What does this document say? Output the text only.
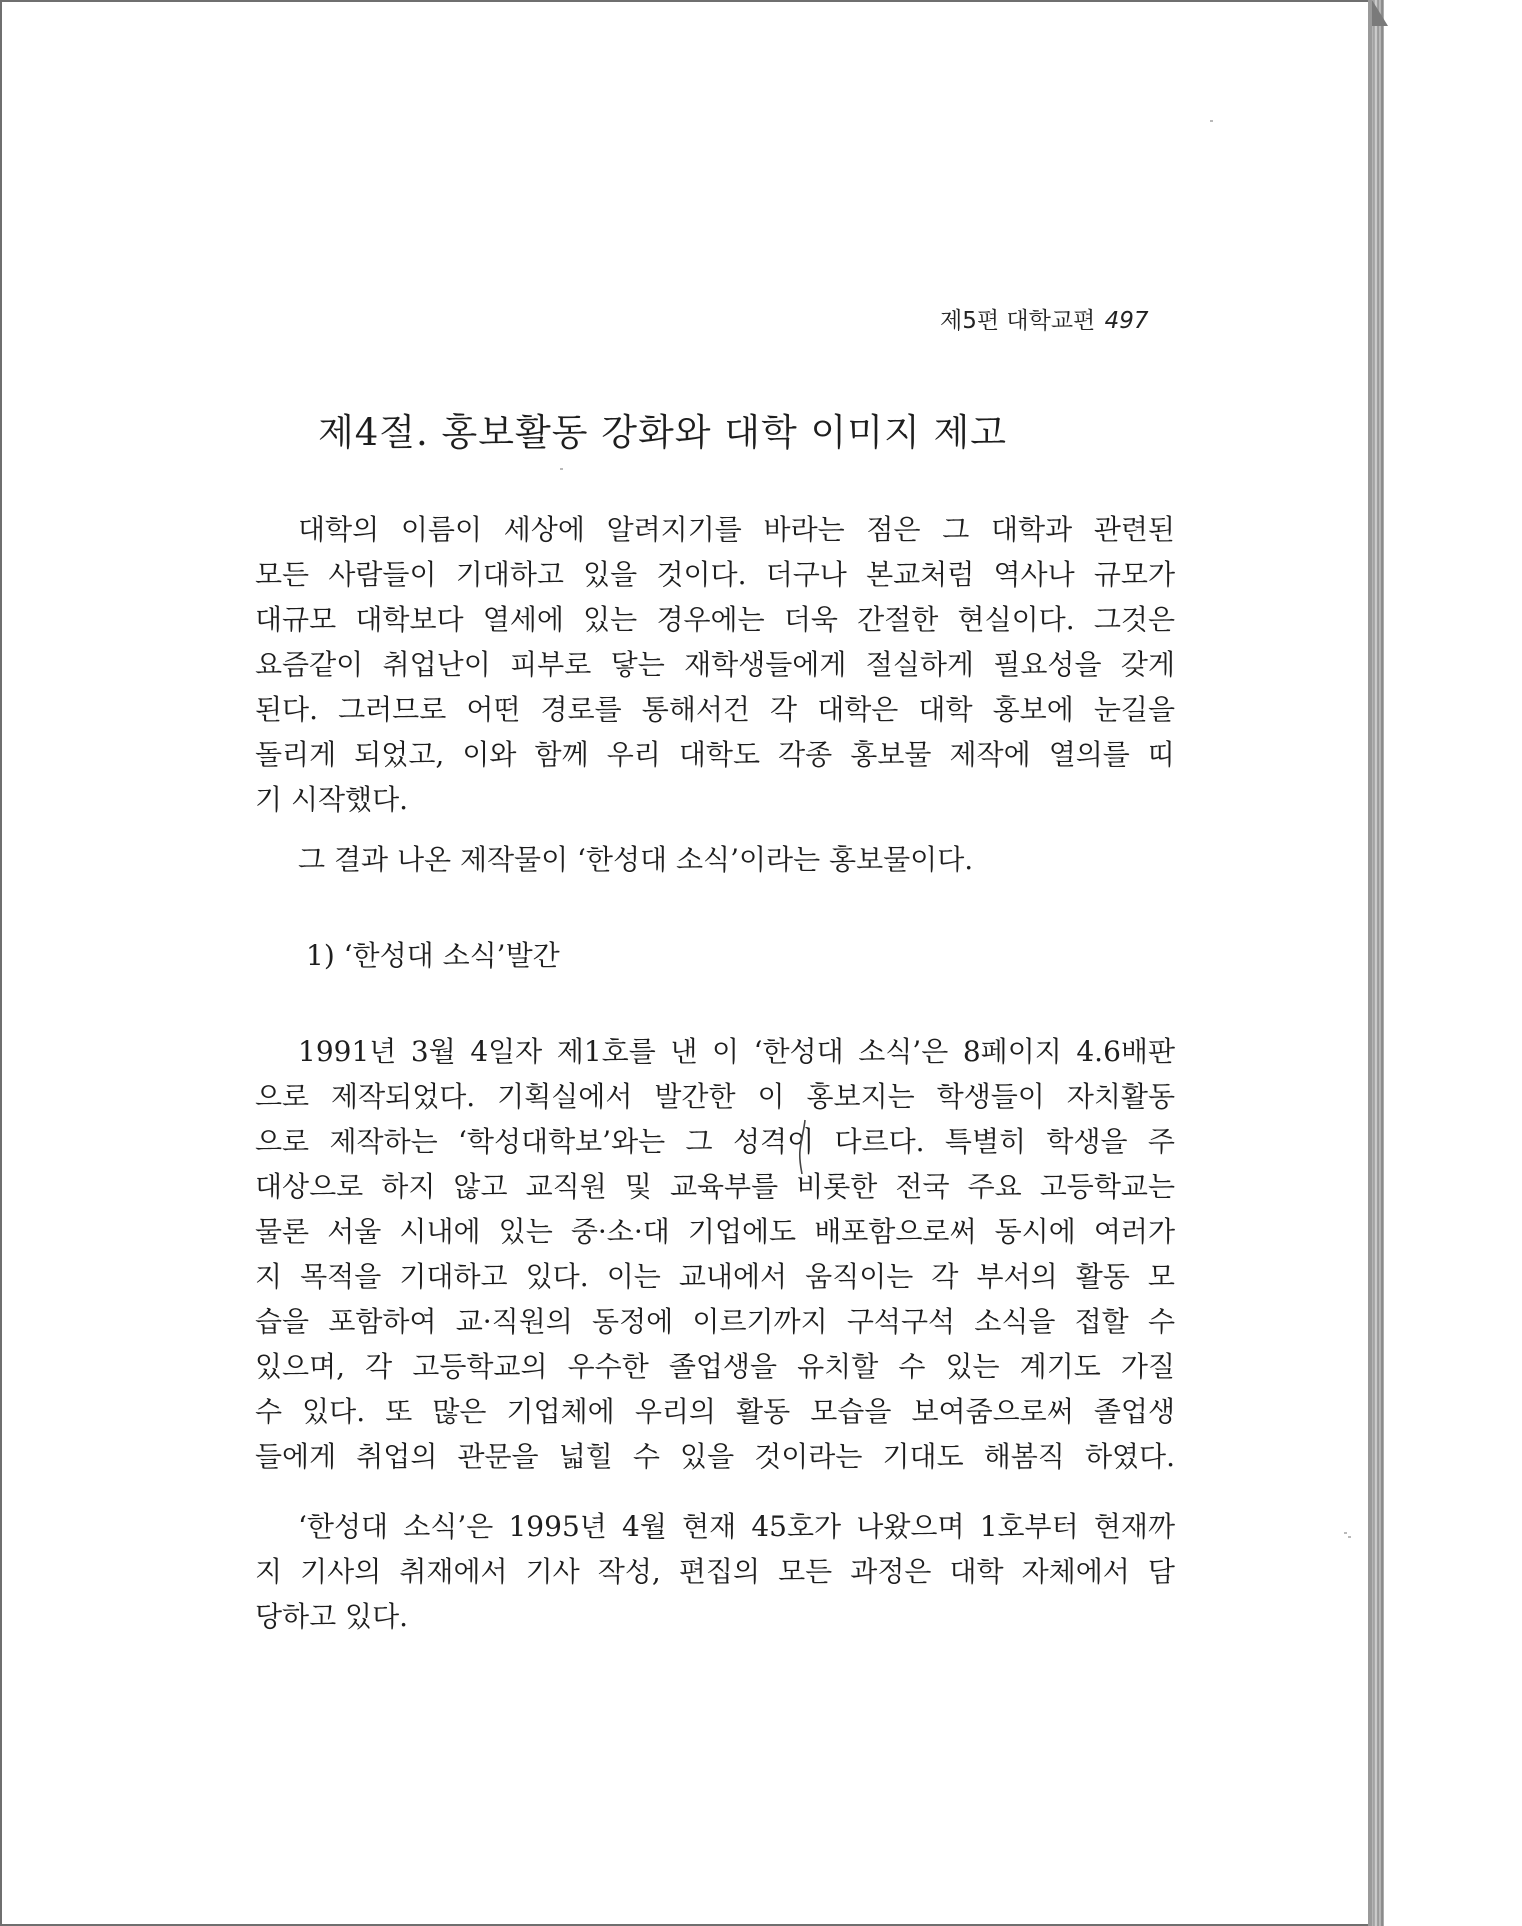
제5편 대학교편 497
제4절. 홍보활동 강화와 대학 이미지 제고
대학의 이름이 세상에 알려지기를 바라는 점은 그 대학과 관련된
모든 사람들이 기대하고 있을 것이다. 더구나 본교처럼 역사나 규모가
대규모 대학보다 열세에 있는 경우에는 더욱 간절한 현실이다. 그것은
요즘같이 취업난이 피부로 닿는 재학생들에게 절실하게 필요성을 갖게
된다. 그러므로 어떤 경로를 통해서건 각 대학은 대학 홍보에 눈길을
돌리게 되었고, 이와 함께 우리 대학도 각종 홍보물 제작에 열의를 띠
기 시작했다.
그 결과 나온 제작물이 ‘한성대 소식’이라는 홍보물이다.
1) ‘한성대 소식’발간
1991년 3월 4일자 제1호를 낸 이 ‘한성대 소식’은 8페이지 4.6배판
으로 제작되었다. 기획실에서 발간한 이 홍보지는 학생들이 자치활동
으로 제작하는 ‘학성대학보’와는 그 성격이 다르다. 특별히 학생을 주
대상으로 하지 않고 교직원 및 교육부를 비롯한 전국 주요 고등학교는
물론 서울 시내에 있는 중·소·대 기업에도 배포함으로써 동시에 여러가
지 목적을 기대하고 있다. 이는 교내에서 움직이는 각 부서의 활동 모
습을 포함하여 교·직원의 동정에 이르기까지 구석구석 소식을 접할 수
있으며, 각 고등학교의 우수한 졸업생을 유치할 수 있는 계기도 가질
수 있다. 또 많은 기업체에 우리의 활동 모습을 보여줌으로써 졸업생
들에게 취업의 관문을 넓힐 수 있을 것이라는 기대도 해봄직 하였다.
‘한성대 소식’은 1995년 4월 현재 45호가 나왔으며 1호부터 현재까
지 기사의 취재에서 기사 작성, 편집의 모든 과정은 대학 자체에서 담
당하고 있다.
